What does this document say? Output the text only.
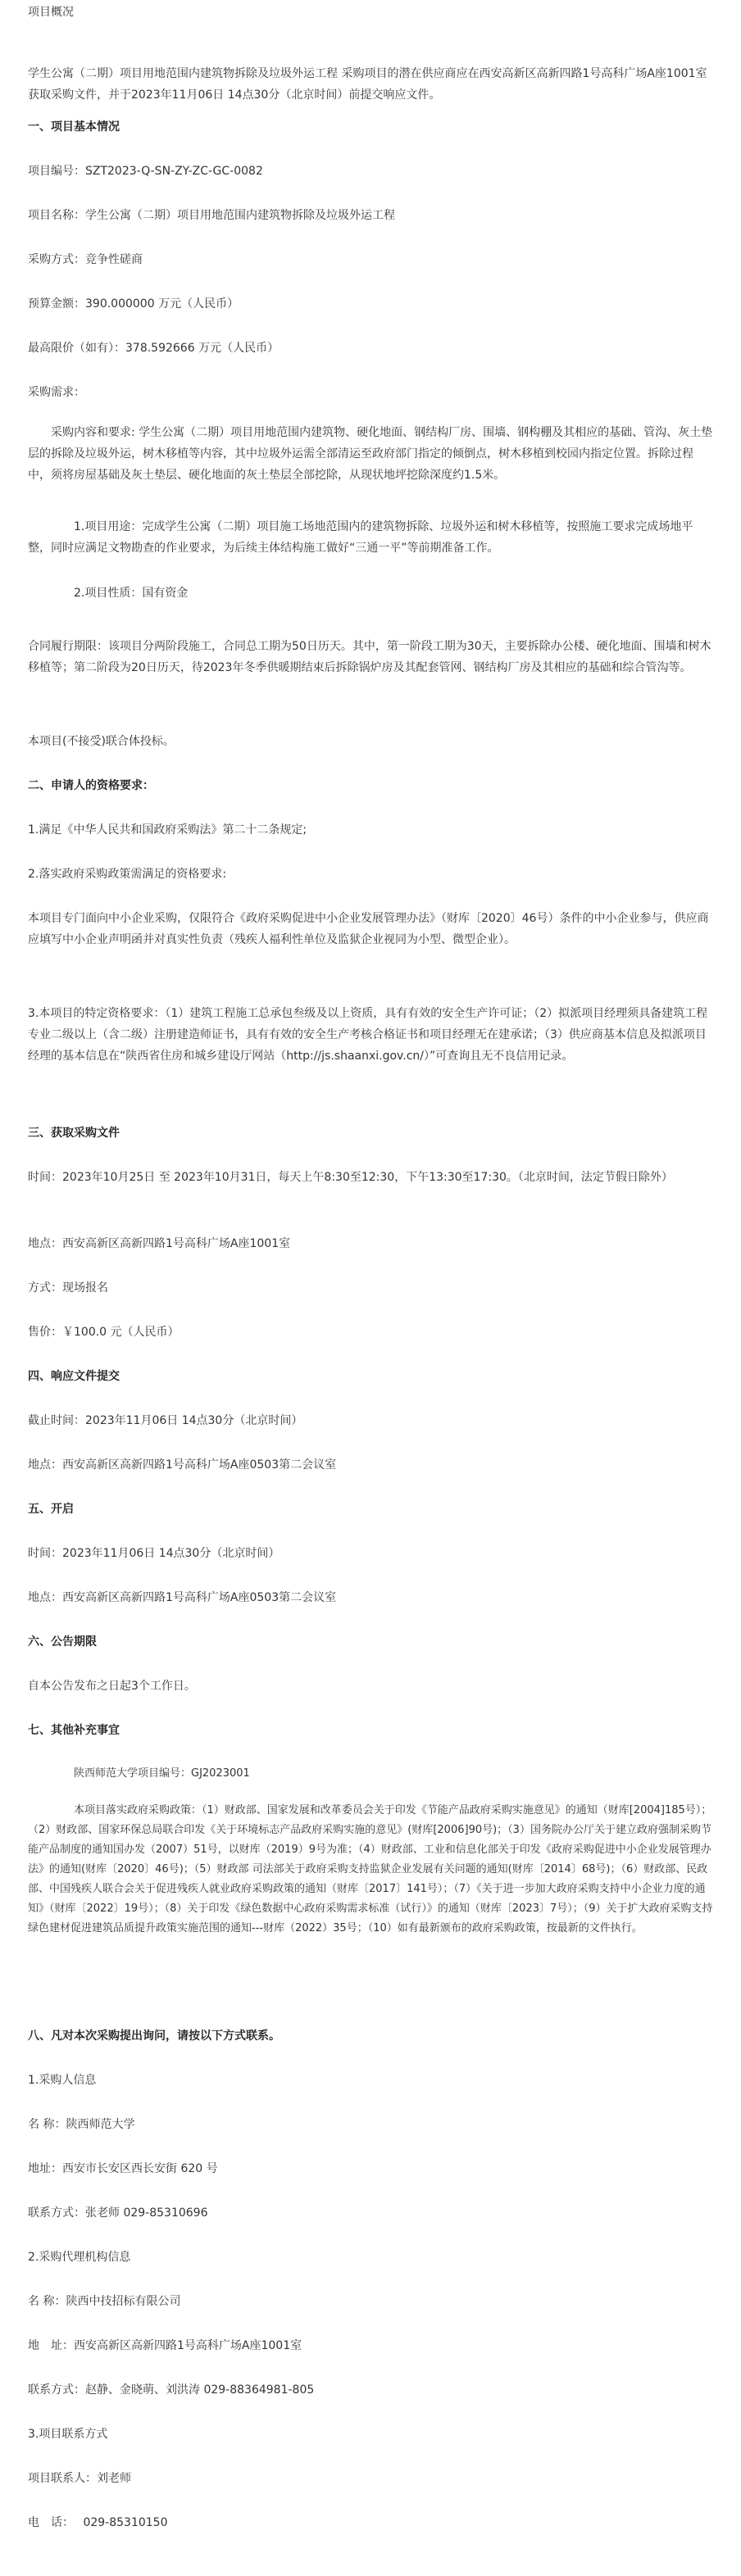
项目概况

学生公寓（二期）项目用地范围内建筑物拆除及垃圾外运工程 采购项目的潜在供应商应在西安高新区高新四路1号高科广场A座1001室获取采购文件，并于2023年11月06日 14点30分（北京时间）前提交响应文件。

一、项目基本情况

项目编号：SZT2023-Q-SN-ZY-ZC-GC-0082

项目名称：学生公寓（二期）项目用地范围内建筑物拆除及垃圾外运工程

采购方式：竞争性磋商

预算金额：390.000000 万元（人民币）

最高限价（如有）：378.592666 万元（人民币）

采购需求：

采购内容和要求: 学生公寓（二期）项目用地范围内建筑物、硬化地面、钢结构厂房、围墙、钢构棚及其相应的基础、管沟、灰土垫层的拆除及垃圾外运，树木移植等内容，其中垃圾外运需全部清运至政府部门指定的倾倒点，树木移植到校园内指定位置。拆除过程中，须将房屋基础及灰土垫层、硬化地面的灰土垫层全部挖除，从现状地坪挖除深度约1.5米。

1.项目用途：完成学生公寓（二期）项目施工场地范围内的建筑物拆除、垃圾外运和树木移植等，按照施工要求完成场地平整，同时应满足文物勘查的作业要求，为后续主体结构施工做好“三通一平”等前期准备工作。

2.项目性质：国有资金

合同履行期限：该项目分两阶段施工，合同总工期为50日历天。其中，第一阶段工期为30天，主要拆除办公楼、硬化地面、围墙和树木移植等；第二阶段为20日历天，待2023年冬季供暖期结束后拆除锅炉房及其配套管网、钢结构厂房及其相应的基础和综合管沟等。

本项目(不接受)联合体投标。

二、申请人的资格要求：

1.满足《中华人民共和国政府采购法》第二十二条规定;

2.落实政府采购政策需满足的资格要求:

本项目专门面向中小企业采购，仅限符合《政府采购促进中小企业发展管理办法》（财库〔2020〕46号）条件的中小企业参与，供应商应填写中小企业声明函并对真实性负责（残疾人福利性单位及监狱企业视同为小型、微型企业）。

3.本项目的特定资格要求：（1）建筑工程施工总承包叁级及以上资质，具有有效的安全生产许可证；（2）拟派项目经理须具备建筑工程专业二级以上（含二级）注册建造师证书，具有有效的安全生产考核合格证书和项目经理无在建承诺；（3）供应商基本信息及拟派项目经理的基本信息在“陕西省住房和城乡建设厅网站（http://js.shaanxi.gov.cn/）”可查询且无不良信用记录。

三、获取采购文件

时间：2023年10月25日 至 2023年10月31日，每天上午8:30至12:30，下午13:30至17:30。（北京时间，法定节假日除外）

地点：西安高新区高新四路1号高科广场A座1001室

方式：现场报名

售价：￥100.0 元（人民币）

四、响应文件提交

截止时间：2023年11月06日 14点30分（北京时间）

地点：西安高新区高新四路1号高科广场A座0503第二会议室

五、开启

时间：2023年11月06日 14点30分（北京时间）

地点：西安高新区高新四路1号高科广场A座0503第二会议室

六、公告期限

自本公告发布之日起3个工作日。

七、其他补充事宜

陕西师范大学项目编号：GJ2023001

本项目落实政府采购政策：（1）财政部、国家发展和改革委员会关于印发《节能产品政府采购实施意见》的通知（财库[2004]185号）；（2）财政部、国家环保总局联合印发《关于环境标志产品政府采购实施的意见》(财库[2006]90号)；（3）国务院办公厅关于建立政府强制采购节能产品制度的通知国办发（2007）51号，以财库（2019）9号为准；（4）财政部、工业和信息化部关于印发《政府采购促进中小企业发展管理办法》的通知(财库〔2020〕46号)；（5）财政部 司法部关于政府采购支持监狱企业发展有关问题的通知(财库〔2014〕68号)；（6）财政部、民政部、中国残疾人联合会关于促进残疾人就业政府采购政策的通知（财库〔2017〕141号）；（7）《关于进一步加大政府采购支持中小企业力度的通知》（财库〔2022〕19号）；（8）关于印发《绿色数据中心政府采购需求标准（试行）》的通知（财库〔2023〕7号）；（9）关于扩大政府采购支持绿色建材促进建筑品质提升政策实施范围的通知---财库（2022）35号；（10）如有最新颁布的政府采购政策，按最新的文件执行。

八、凡对本次采购提出询问，请按以下方式联系。

1.采购人信息

名 称：陕西师范大学

地址：西安市长安区西长安街 620 号

联系方式：张老师 029-85310696

2.采购代理机构信息

名 称：陕西中技招标有限公司

地　址：西安高新区高新四路1号高科广场A座1001室

联系方式：赵静、金晓萌、刘洪涛 029-88364981-805

3.项目联系方式

项目联系人：刘老师

电　话：　 029-85310150
